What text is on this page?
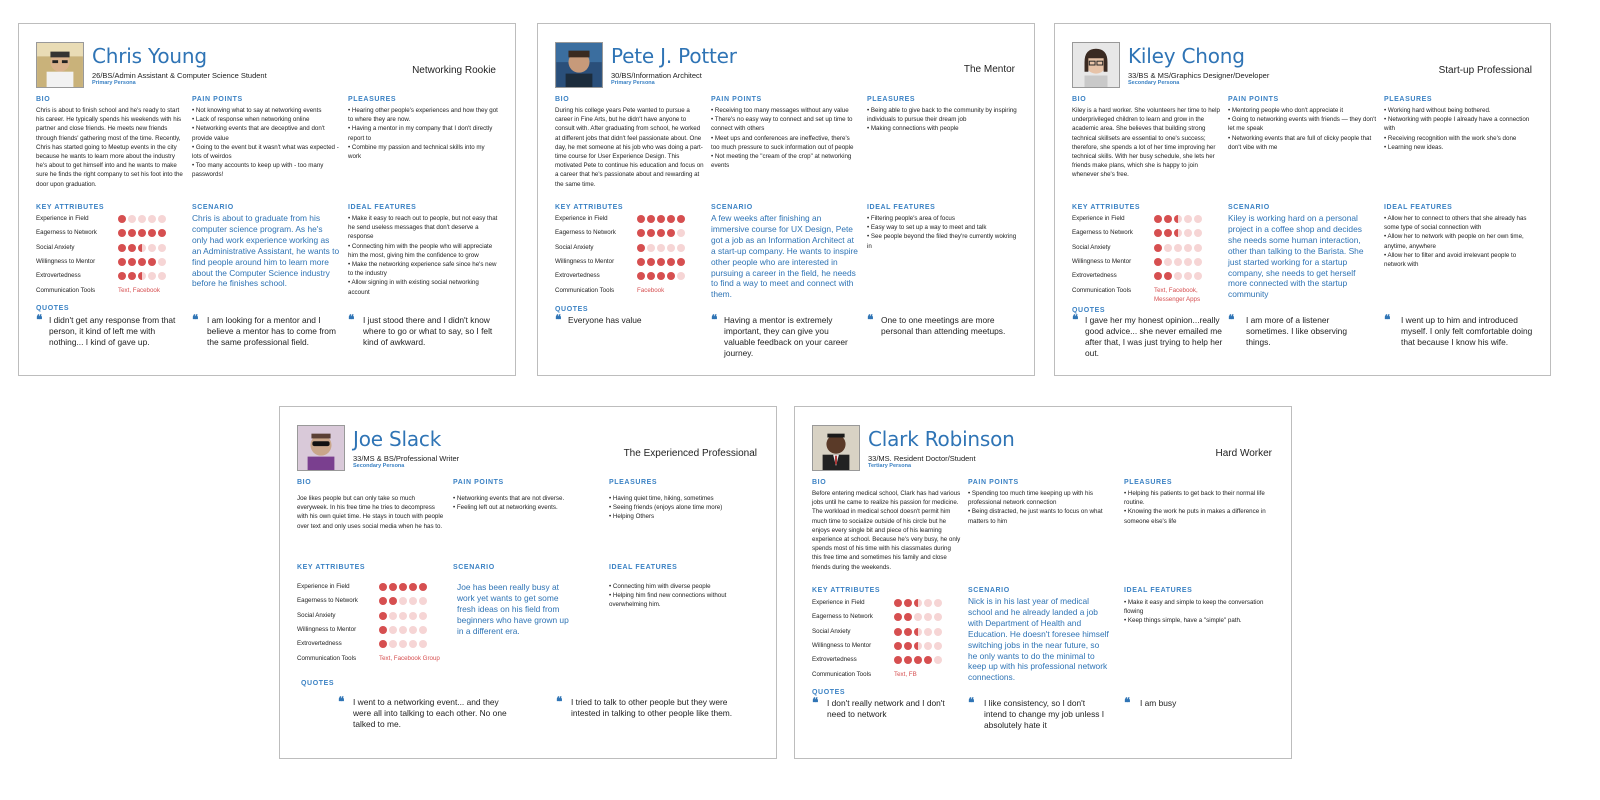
Chris Young
26/BS/Admin Assistant & Computer Science Student
Primary Persona
Networking Rookie
BIO
Chris is about to finish school and he's ready to start his career. He typically spends his weekends with his partner and close friends. He meets new friends through friends' gathering most of the time. Recently, Chris has started going to Meetup events in the city because he wants to learn more about the industry he's about to get himself into and he wants to make sure he finds the right company to set his foot into the door upon graduation.
PAIN POINTS
• Not knowing what to say at networking events
• Lack of response when networking online
• Networking events that are deceptive and don't provide value
• Going to the event but it wasn't what was expected - lots of weirdos
• Too many accounts to keep up with - too many passwords!
PLEASURES
• Hearing other people's experiences and how they got to where they are now.
• Having a mentor in my company that I don't directly report to
• Combine my passion and technical skills into my work
KEY ATTRIBUTES
Experience in Field
Eagerness to Network
Social Anxiety
Willingness to Mentor
Extrovertedness
Communication Tools	Text, Facebook
SCENARIO
Chris is about to graduate from his computer science program. As he's only had work experience working as an Administrative Assistant, he wants to find people around him to learn more about the Computer Science industry before he finishes school.
IDEAL FEATURES
• Make it easy to reach out to people, but not easy that he send useless messages that don't deserve a response
• Connecting him with the people who will appreciate him the most, giving him the confidence to grow
• Make the networking experience safe since he's new to the industry
• Allow signing in with existing social networking account
QUOTES
❛❛	I didn't get any response from that person, it kind of left me with nothing... I kind of gave up.
❛❛	I am looking for a mentor and I believe a mentor has to come from the same professional field.
❛❛	I just stood there and I didn't know where to go or what to say, so I felt kind of awkward.
Pete J. Potter
30/BS/Information Architect
Primary Persona
The Mentor
BIO
During his college years Pete wanted to pursue a career in Fine Arts, but he didn't have anyone to consult with. After graduating from school, he worked at different jobs that didn't feel passionate about. One day, he met someone at his job who was doing a part-time course for User Experience Design. This motivated Pete to continue his education and focus on a career that he's passionate about and rewarding at the same time.
PAIN POINTS
• Receiving too many messages without any value
• There's no easy way to connect and set up time to connect with others
• Meet ups and conferences are ineffective, there's too much pressure to suck information out of people
• Not meeting the "cream of the crop" at networking events
PLEASURES
• Being able to give back to the community by inspiring individuals to pursue their dream job
• Making connections with people
KEY ATTRIBUTES
Experience in Field
Eagerness to Network
Social Anxiety
Willingness to Mentor
Extrovertedness
Communication Tools	Facebook
SCENARIO
A few weeks after finishing an immersive course for UX Design, Pete got a job as an Information Architect at a start-up company. He wants to inspire other people who are interested in pursuing a career in the field, he needs to find a way to meet and connect with them.
IDEAL FEATURES
• Filtering people's area of focus
• Easy way to set up a way to meet and talk
• See people beyond the filed they're currently wokring in
QUOTES
❛❛	Everyone has value	❛❛	Having a mentor is extremely important, they can give you valuable feedback on your career journey.
❛❛	One to one meetings are more personal than attending meetups.
Kiley Chong
33/BS & MS/Graphics Designer/Developer
Secondary Persona
Start-up Professional
BIO
Kiley is a hard worker. She volunteers her time to help underprivileged children to learn and grow in the academic area. She believes that building strong technical skillsets are essential to one's success; therefore, she spends a lot of her time improving her technical skills. With her busy schedule, she lets her friends make plans, which she is happy to join whenever she's free.
PAIN POINTS
• Mentoring people who don't appreciate it
• Going to networking events with friends — they don't let me speak
• Networking events that are full of clicky people that don't vibe with me
PLEASURES
• Working hard without being bothered.
• Networking with people I already have a connection with
• Receiving recognition with the work she's done
• Learning new ideas.
KEY ATTRIBUTES
Experience in Field
Eagerness to Network
Social Anxiety
Willingness to Mentor
Extrovertedness
Communication Tools	Text, Facebook, Messenger Apps
SCENARIO
Kiley is working hard on a personal project in a coffee shop and decides she needs some human interaction, other than talking to the Barista. She just started working for a startup company, she needs to get herself more connected with the startup community
IDEAL FEATURES
• Allow her to connect to others that she already has some type of social connection with
• Allow her to network with people on her own time, anytime, anywhere
• Allow her to filter and avoid irrelevant people to network with
QUOTES
❛❛	I gave her my honest opinion...really good advice... she never emailed me after that, I was just trying to help her out.
❛❛	I am more of a listener sometimes. I like observing things.
❛❛	I went up to him and introduced myself. I only felt comfortable doing that because I know his wife.
Joe Slack
33/MS & BS/Professional Writer
Secondary Persona
The Experienced Professional
BIO
Joe likes people but can only take so much everyweek. In his free time he tries to decompress with his own quiet time. He stays in touch with people over text and only uses social media when he has to.
PAIN POINTS
• Networking events that are not diverse.
• Feeling left out at networking events.
PLEASURES
• Having quiet time, hiking, sometimes
• Seeing friends (enjoys alone time more)
• Helping Others
KEY ATTRIBUTES
Experience in Field
Eagerness to Network
Social Anxiety
Willingness to Mentor
Extrovertedness
Communication Tools	Text, Facebook Group
SCENARIO
Joe has been really busy at work yet wants to get some fresh ideas on his field from beginners who have grown up in a different era.
IDEAL FEATURES
• Connecting him with diverse people
• Helping him find new connections without overwhelming him.
QUOTES
❛❛	I went to a networking event... and they were all into talking to each other. No one talked to me.
❛❛	I tried to talk to other people but they were intested in talking to other people like them.
Clark Robinson
33/MS. Resident Doctor/Student
Tertiary Persona
Hard Worker
BIO
Before entering medical school, Clark has had various jobs until he came to realize his passion for medicine. The workload in medical school doesn't permit him much time to socialize outside of his circle but he enjoys every single bit and piece of his learning experience at school. Because he's very busy, he only spends most of his time with his classmates during this free time and sometimes his family and close friends during the weekends.
PAIN POINTS
• Spending too much time keeping up with his professional network connection
• Being distracted, he just wants to focus on what matters to him
PLEASURES
• Helping his patients to get back to their normal life routine.
• Knowing the work he puts in makes a difference in someone else's life
KEY ATTRIBUTES
Experience in Field
Eagerness to Network
Social Anxiety
Willingness to Mentor
Extrovertedness
Communication Tools	Text, FB
SCENARIO
Nick is in his last year of medical school and he already landed a job with Department of Health and Education. He doesn't foresee himself switching jobs in the near future, so he only wants to do the minimal to keep up with his professional network connections.
IDEAL FEATURES
• Make it easy and simple to keep the conversation flowing
• Keep things simple, have a "simple" path.
QUOTES
❛❛	I don't really network and I don't need to network
❛❛	I like consistency, so I don't intend to change my job unless I absolutely hate it
❛❛	I am busy
